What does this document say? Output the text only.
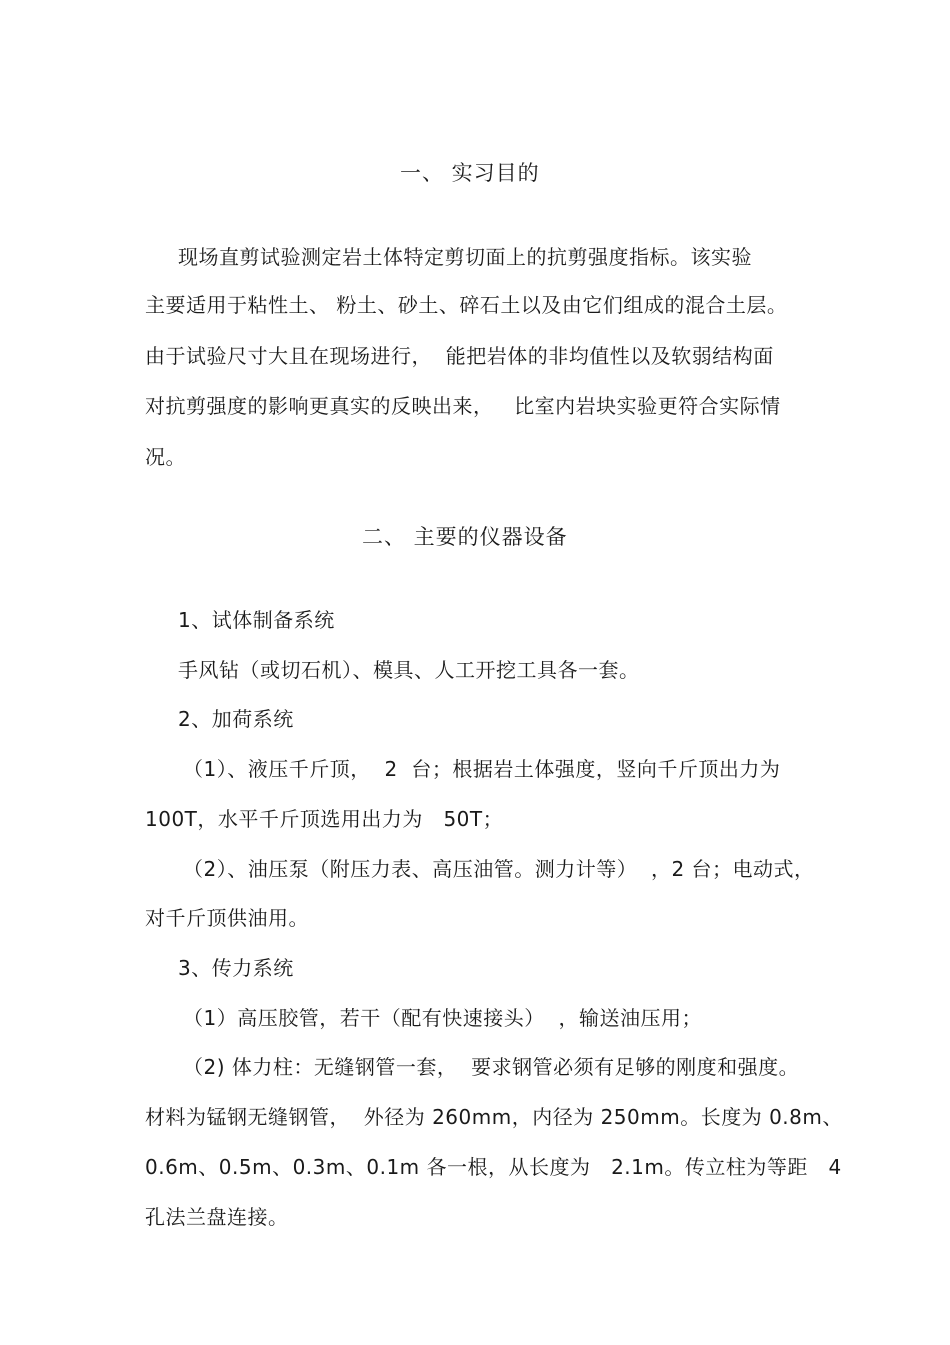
一、 实习目的
现场直剪试验测定岩土体特定剪切面上的抗剪强度指标。该实验
主要适用于粘性土、 粉土、砂土、碎石土以及由它们组成的混合土层。
由于试验尺寸大且在现场进行，  能把岩体的非均值性以及软弱结构面
对抗剪强度的影响更真实的反映出来，   比室内岩块实验更符合实际情
况。
二、 主要的仪器设备
1、试体制备系统
手风钻（或切石机）、模具、人工开挖工具各一套。
2、加荷系统
（1）、液压千斤顶，  2  台；根据岩土体强度，竖向千斤顶出力为
100T，水平千斤顶选用出力为   50T；
（2）、油压泵（附压力表、高压油管。测力计等）  ，2 台；电动式，
对千斤顶供油用。
3、传力系统
（1）高压胶管，若干（配有快速接头）  ，输送油压用；
（2) 体力柱：无缝钢管一套，  要求钢管必须有足够的刚度和强度。
材料为锰钢无缝钢管，  外径为 260mm，内径为 250mm。长度为 0.8m、
0.6m、0.5m、0.3m、0.1m 各一根，从长度为   2.1m。传立柱为等距   4
孔法兰盘连接。
